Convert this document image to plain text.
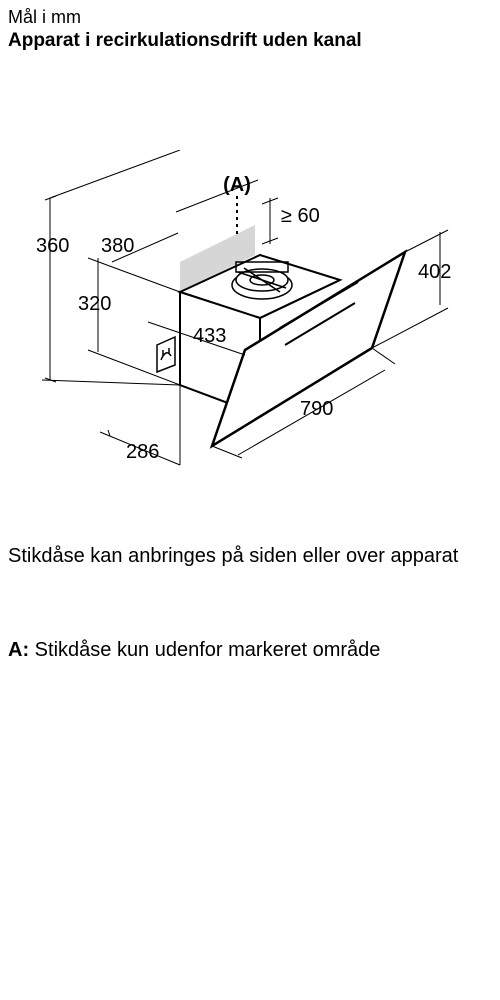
Mål i mm
Apparat i recirkulationsdrift uden kanal
(A)
360 380
≥ 60
402
320
433
790
286
Stikdåse kan anbringes på siden eller over apparat
A: Stikdåse kun udenfor markeret område
